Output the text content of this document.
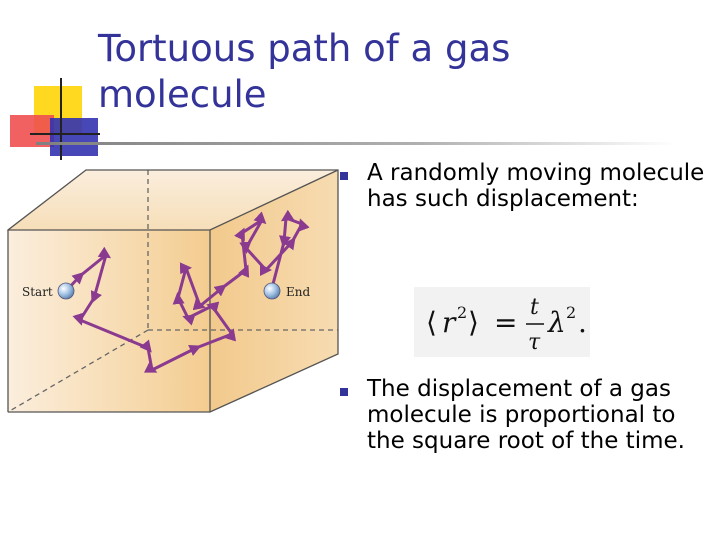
Tortuous path of a gas molecule
Start	End
A randomly moving molecule has such displacement:
The displacement of a gas molecule is proportional to the square root of the time.
⟨ r 2 ⟩ = t
τ
λ 2 .
